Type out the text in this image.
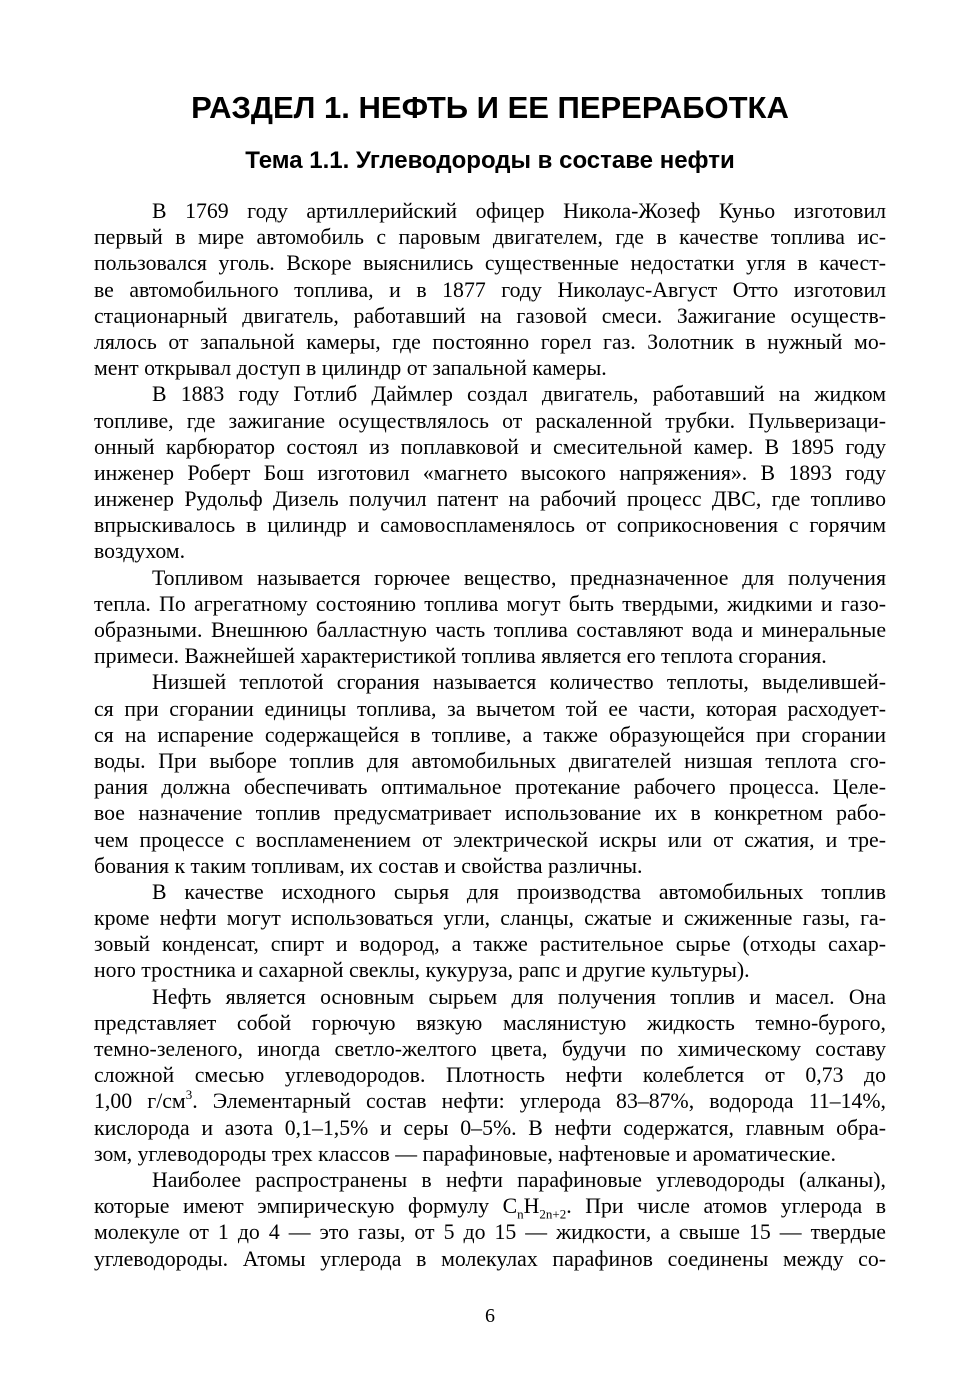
РАЗДЕЛ 1. НЕФТЬ И ЕЕ ПЕРЕРАБОТКА
Тема 1.1. Углеводороды в составе нефти
В 1769 году артиллерийский офицер Никола-Жозеф Куньо изготовил
первый в мире автомобиль с паровым двигателем, где в качестве топлива ис-
пользовался уголь. Вскоре выяснились существенные недостатки угля в качест-
ве автомобильного топлива, и в 1877 году Николаус-Август Отто изготовил
стационарный двигатель, работавший на газовой смеси. Зажигание осуществ-
лялось от запальной камеры, где постоянно горел газ. Золотник в нужный мо-
мент открывал доступ в цилиндр от запальной камеры.
В 1883 году Готлиб Даймлер создал двигатель, работавший на жидком
топливе, где зажигание осуществлялось от раскаленной трубки. Пульверизаци-
онный карбюратор состоял из поплавковой и смесительной камер. В 1895 году
инженер Роберт Бош изготовил «магнето высокого напряжения». В 1893 году
инженер Рудольф Дизель получил патент на рабочий процесс ДВС, где топливо
впрыскивалось в цилиндр и самовоспламенялось от соприкосновения с горячим
воздухом.
Топливом называется горючее вещество, предназначенное для получения
тепла. По агрегатному состоянию топлива могут быть твердыми, жидкими и газо-
образными. Внешнюю балластную часть топлива составляют вода и минеральные
примеси. Важнейшей характеристикой топлива является его теплота сгорания.
Низшей теплотой сгорания называется количество теплоты, выделившей-
ся при сгорании единицы топлива, за вычетом той ее части, которая расходует-
ся на испарение содержащейся в топливе, а также образующейся при сгорании
воды. При выборе топлив для автомобильных двигателей низшая теплота сго-
рания должна обеспечивать оптимальное протекание рабочего процесса. Целе-
вое назначение топлив предусматривает использование их в конкретном рабо-
чем процессе с воспламенением от электрической искры или от сжатия, и тре-
бования к таким топливам, их состав и свойства различны.
В качестве исходного сырья для производства автомобильных топлив
кроме нефти могут использоваться угли, сланцы, сжатые и сжиженные газы, га-
зовый конденсат, спирт и водород, а также растительное сырье (отходы сахар-
ного тростника и сахарной свеклы, кукуруза, рапс и другие культуры).
Нефть является основным сырьем для получения топлив и масел. Она
представляет собой горючую вязкую маслянистую жидкость темно-бурого,
темно-зеленого, иногда светло-желтого цвета, будучи по химическому составу
сложной смесью углеводородов. Плотность нефти колеблется от 0,73 до
1,00 $г/см^3$. Элементарный состав нефти: углерода 83–87%, водорода 11–14%,
кислорода и азота 0,1–1,5% и серы 0–5%. В нефти содержатся, главным обра-
зом, углеводороды трех классов — парафиновые, нафтеновые и ароматические.
Наиболее распространены в нефти парафиновые углеводороды (алканы),
которые имеют эмпирическую формулу $C_nH_{2n+2}$. При числе атомов углерода в
молекуле от 1 до 4 — это газы, от 5 до 15 — жидкости, а свыше 15 — твердые
углеводороды. Атомы углерода в молекулах парафинов соединены между со-
6
